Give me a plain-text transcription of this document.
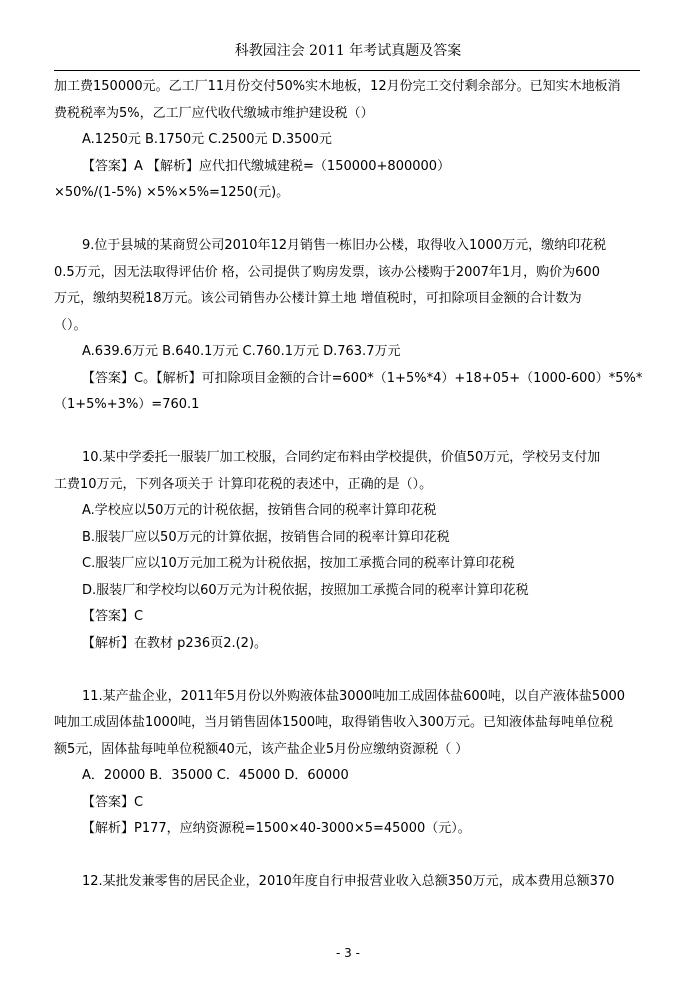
科教园注会 2011 年考试真题及答案
加工费150000元。乙工厂11月份交付50%实木地板，12月份完工交付剩余部分。已知实木地板消
费税税率为5%，乙工厂应代收代缴城市维护建设税（）
A.1250元 B.1750元 C.2500元 D.3500元
【答案】A 【解析】应代扣代缴城建税=（150000+800000）
×50%/(1-5%) ×5%×5%=1250(元)。
9.位于县城的某商贸公司2010年12月销售一栋旧办公楼，取得收入1000万元，缴纳印花税
0.5万元，因无法取得评估价 格，公司提供了购房发票，该办公楼购于2007年1月，购价为600
万元，缴纳契税18万元。该公司销售办公楼计算土地 增值税时，可扣除项目金额的合计数为
（）。
A.639.6万元 B.640.1万元 C.760.1万元 D.763.7万元
【答案】C。【解析】可扣除项目金额的合计=600*（1+5%*4）+18+05+（1000-600）*5%*
（1+5%+3%）=760.1
10.某中学委托一服装厂加工校服，合同约定布料由学校提供，价值50万元，学校另支付加
工费10万元，下列各项关于 计算印花税的表述中，正确的是（）。
A.学校应以50万元的计税依据，按销售合同的税率计算印花税
B.服装厂应以50万元的计算依据，按销售合同的税率计算印花税
C.服装厂应以10万元加工税为计税依据，按加工承揽合同的税率计算印花税
D.服装厂和学校均以60万元为计税依据，按照加工承揽合同的税率计算印花税
【答案】C
【解析】在教材 p236页2.(2)。
11.某产盐企业，2011年5月份以外购液体盐3000吨加工成固体盐600吨，以自产液体盐5000
吨加工成固体盐1000吨，当月销售固体1500吨，取得销售收入300万元。已知液体盐每吨单位税
额5元，固体盐每吨单位税额40元，该产盐企业5月份应缴纳资源税（ ）
A．20000 B．35000 C．45000 D．60000
【答案】C
【解析】P177，应纳资源税=1500×40-3000×5=45000（元）。
12.某批发兼零售的居民企业，2010年度自行申报营业收入总额350万元，成本费用总额370
- 3 -
